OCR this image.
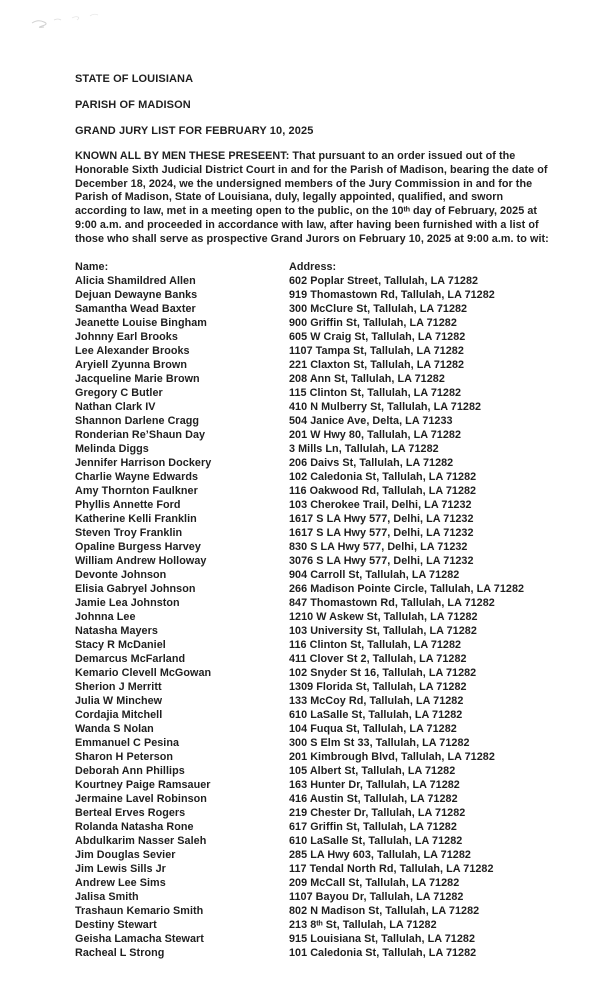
STATE OF LOUISIANA

PARISH OF MADISON

GRAND JURY LIST FOR FEBRUARY 10, 2025

KNOWN ALL BY MEN THESE PRESEENT: That pursuant to an order issued out of the Honorable Sixth Judicial District Court in and for the Parish of Madison, bearing the date of December 18, 2024, we the undersigned members of the Jury Commission in and for the Parish of Madison, State of Louisiana, duly, legally appointed, qualified, and sworn according to law, met in a meeting open to the public, on the 10ᵗʰ day of February, 2025 at 9:00 a.m. and proceeded in accordance with law, after having been furnished with a list of those who shall serve as prospective Grand Jurors on February 10, 2025 at 9:00 a.m. to wit:

Name:	Address:
Alicia Shamildred Allen	602 Poplar Street, Tallulah, LA 71282
Dejuan Dewayne Banks	919 Thomastown Rd, Tallulah, LA 71282
Samantha Wead Baxter	300 McClure St, Tallulah, LA 71282
Jeanette Louise Bingham	900 Griffin St, Tallulah, LA 71282
Johnny Earl Brooks	605 W Craig St, Tallulah, LA 71282
Lee Alexander Brooks	1107 Tampa St, Tallulah, LA 71282
Aryiell Zyunna Brown	221 Claxton St, Tallulah, LA 71282
Jacqueline Marie Brown	208 Ann St, Tallulah, LA 71282
Gregory C Butler	115 Clinton St, Tallulah, LA 71282
Nathan Clark IV	410 N Mulberry St, Tallulah, LA 71282
Shannon Darlene Cragg	504 Janice Ave, Delta, LA 71233
Ronderian Re’Shaun Day	201 W Hwy 80, Tallulah, LA 71282
Melinda Diggs	3 Mills Ln, Tallulah, LA 71282
Jennifer Harrison Dockery	206 Daivs St, Tallulah, LA 71282
Charlie Wayne Edwards	102 Caledonia St, Tallulah, LA 71282
Amy Thornton Faulkner	116 Oakwood Rd, Tallulah, LA 71282
Phyllis Annette Ford	103 Cherokee Trail, Delhi, LA 71232
Katherine Kelli Franklin	1617 S LA Hwy 577, Delhi, LA 71232
Steven Troy Franklin	1617 S LA Hwy 577, Delhi, LA 71232
Opaline Burgess Harvey	830 S LA Hwy 577, Delhi, LA 71232
William Andrew Holloway	3076 S LA Hwy 577, Delhi, LA 71232
Devonte Johnson	904 Carroll St, Tallulah, LA 71282
Elisia Gabryel Johnson	266 Madison Pointe Circle, Tallulah, LA 71282
Jamie Lea Johnston	847 Thomastown Rd, Tallulah, LA 71282
Johnna Lee	1210 W Askew St, Tallulah, LA 71282
Natasha Mayers	103 University St, Tallulah, LA 71282
Stacy R McDaniel	116 Clinton St, Tallulah, LA 71282
Demarcus McFarland	411 Clover St 2, Tallulah, LA 71282
Kemario Clevell McGowan	102 Snyder St 16, Tallulah, LA 71282
Sherion J Merritt	1309 Florida St, Tallulah, LA 71282
Julia W Minchew	133 McCoy Rd, Tallulah, LA 71282
Cordajia Mitchell	610 LaSalle St, Tallulah, LA 71282
Wanda S Nolan	104 Fuqua St, Tallulah, LA 71282
Emmanuel C Pesina	300 S Elm St 33, Tallulah, LA 71282
Sharon H Peterson	201 Kimbrough Blvd, Tallulah, LA 71282
Deborah Ann Phillips	105 Albert St, Tallulah, LA 71282
Kourtney Paige Ramsauer	163 Hunter Dr, Tallulah, LA 71282
Jermaine Lavel Robinson	416 Austin St, Tallulah, LA 71282
Berteal Erves Rogers	219 Chester Dr, Tallulah, LA 71282
Rolanda Natasha Rone	617 Griffin St, Tallulah, LA 71282
Abdulkarim Nasser Saleh	610 LaSalle St, Tallulah, LA 71282
Jim Douglas Sevier	285 LA Hwy 603, Tallulah, LA 71282
Jim Lewis Sills Jr	117 Tendal North Rd, Tallulah, LA 71282
Andrew Lee Sims	209 McCall St, Tallulah, LA 71282
Jalisa Smith	1107 Bayou Dr, Tallulah, LA 71282
Trashaun Kemario Smith	802 N Madison St, Tallulah, LA 71282
Destiny Stewart	213 8ᵗʰ St, Tallulah, LA 71282
Geisha Lamacha Stewart	915 Louisiana St, Tallulah, LA 71282
Racheal L Strong	101 Caledonia St, Tallulah, LA 71282
